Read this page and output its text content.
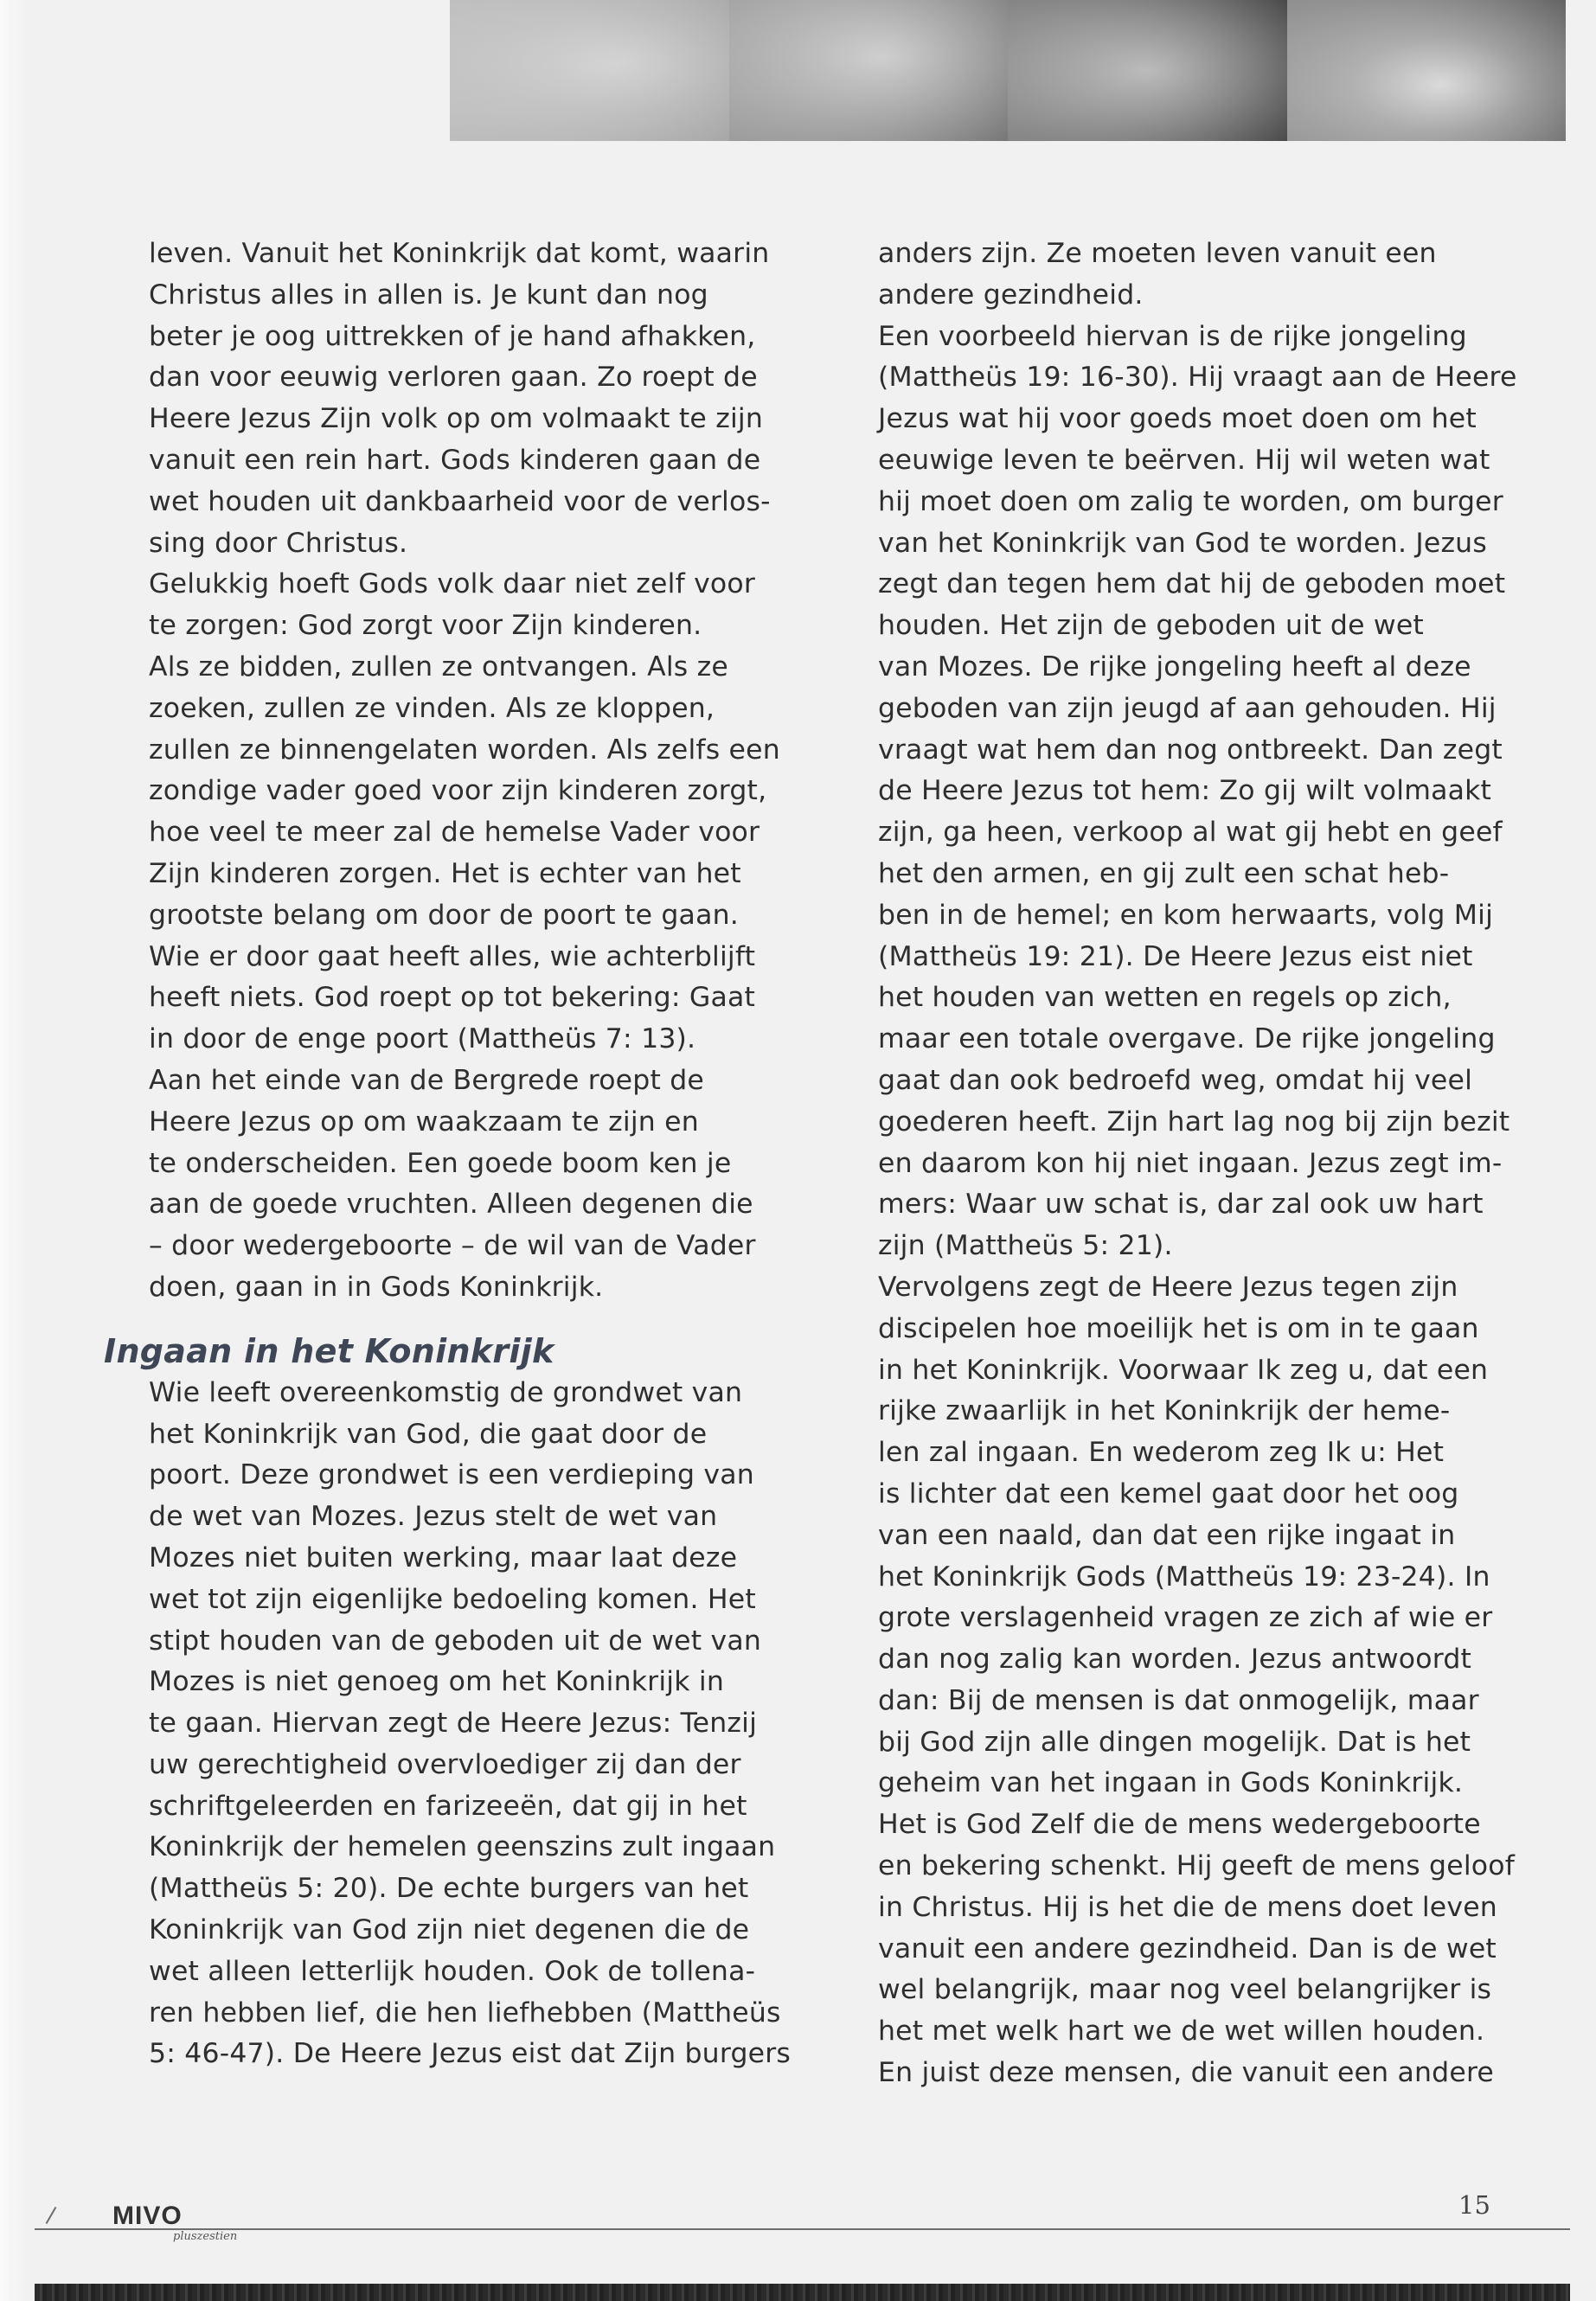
leven. Vanuit het Koninkrijk dat komt, waarin
Christus alles in allen is. Je kunt dan nog
beter je oog uittrekken of je hand afhakken,
dan voor eeuwig verloren gaan. Zo roept de
Heere Jezus Zijn volk op om volmaakt te zijn
vanuit een rein hart. Gods kinderen gaan de
wet houden uit dankbaarheid voor de verlos-
sing door Christus.
Gelukkig hoeft Gods volk daar niet zelf voor
te zorgen: God zorgt voor Zijn kinderen.
Als ze bidden, zullen ze ontvangen. Als ze
zoeken, zullen ze vinden. Als ze kloppen,
zullen ze binnengelaten worden. Als zelfs een
zondige vader goed voor zijn kinderen zorgt,
hoe veel te meer zal de hemelse Vader voor
Zijn kinderen zorgen. Het is echter van het
grootste belang om door de poort te gaan.
Wie er door gaat heeft alles, wie achterblijft
heeft niets. God roept op tot bekering: Gaat
in door de enge poort (Mattheüs 7: 13).
Aan het einde van de Bergrede roept de
Heere Jezus op om waakzaam te zijn en
te onderscheiden. Een goede boom ken je
aan de goede vruchten. Alleen degenen die
– door wedergeboorte – de wil van de Vader
doen, gaan in in Gods Koninkrijk.
Ingaan in het Koninkrijk
Wie leeft overeenkomstig de grondwet van
het Koninkrijk van God, die gaat door de
poort. Deze grondwet is een verdieping van
de wet van Mozes. Jezus stelt de wet van
Mozes niet buiten werking, maar laat deze
wet tot zijn eigenlijke bedoeling komen. Het
stipt houden van de geboden uit de wet van
Mozes is niet genoeg om het Koninkrijk in
te gaan. Hiervan zegt de Heere Jezus: Tenzij
uw gerechtigheid overvloediger zij dan der
schriftgeleerden en farizeeën, dat gij in het
Koninkrijk der hemelen geenszins zult ingaan
(Mattheüs 5: 20). De echte burgers van het
Koninkrijk van God zijn niet degenen die de
wet alleen letterlijk houden. Ook de tollena-
ren hebben lief, die hen liefhebben (Mattheüs
5: 46-47). De Heere Jezus eist dat Zijn burgers
anders zijn. Ze moeten leven vanuit een
andere gezindheid.
Een voorbeeld hiervan is de rijke jongeling
(Mattheüs 19: 16-30). Hij vraagt aan de Heere
Jezus wat hij voor goeds moet doen om het
eeuwige leven te beërven. Hij wil weten wat
hij moet doen om zalig te worden, om burger
van het Koninkrijk van God te worden. Jezus
zegt dan tegen hem dat hij de geboden moet
houden. Het zijn de geboden uit de wet
van Mozes. De rijke jongeling heeft al deze
geboden van zijn jeugd af aan gehouden. Hij
vraagt wat hem dan nog ontbreekt. Dan zegt
de Heere Jezus tot hem: Zo gij wilt volmaakt
zijn, ga heen, verkoop al wat gij hebt en geef
het den armen, en gij zult een schat heb-
ben in de hemel; en kom herwaarts, volg Mij
(Mattheüs 19: 21). De Heere Jezus eist niet
het houden van wetten en regels op zich,
maar een totale overgave. De rijke jongeling
gaat dan ook bedroefd weg, omdat hij veel
goederen heeft. Zijn hart lag nog bij zijn bezit
en daarom kon hij niet ingaan. Jezus zegt im-
mers: Waar uw schat is, dar zal ook uw hart
zijn (Mattheüs 5: 21).
Vervolgens zegt de Heere Jezus tegen zijn
discipelen hoe moeilijk het is om in te gaan
in het Koninkrijk. Voorwaar Ik zeg u, dat een
rijke zwaarlijk in het Koninkrijk der heme-
len zal ingaan. En wederom zeg Ik u: Het
is lichter dat een kemel gaat door het oog
van een naald, dan dat een rijke ingaat in
het Koninkrijk Gods (Mattheüs 19: 23-24). In
grote verslagenheid vragen ze zich af wie er
dan nog zalig kan worden. Jezus antwoordt
dan: Bij de mensen is dat onmogelijk, maar
bij God zijn alle dingen mogelijk. Dat is het
geheim van het ingaan in Gods Koninkrijk.
Het is God Zelf die de mens wedergeboorte
en bekering schenkt. Hij geeft de mens geloof
in Christus. Hij is het die de mens doet leven
vanuit een andere gezindheid. Dan is de wet
wel belangrijk, maar nog veel belangrijker is
het met welk hart we de wet willen houden.
En juist deze mensen, die vanuit een andere
MIVO
pluszestien
15
